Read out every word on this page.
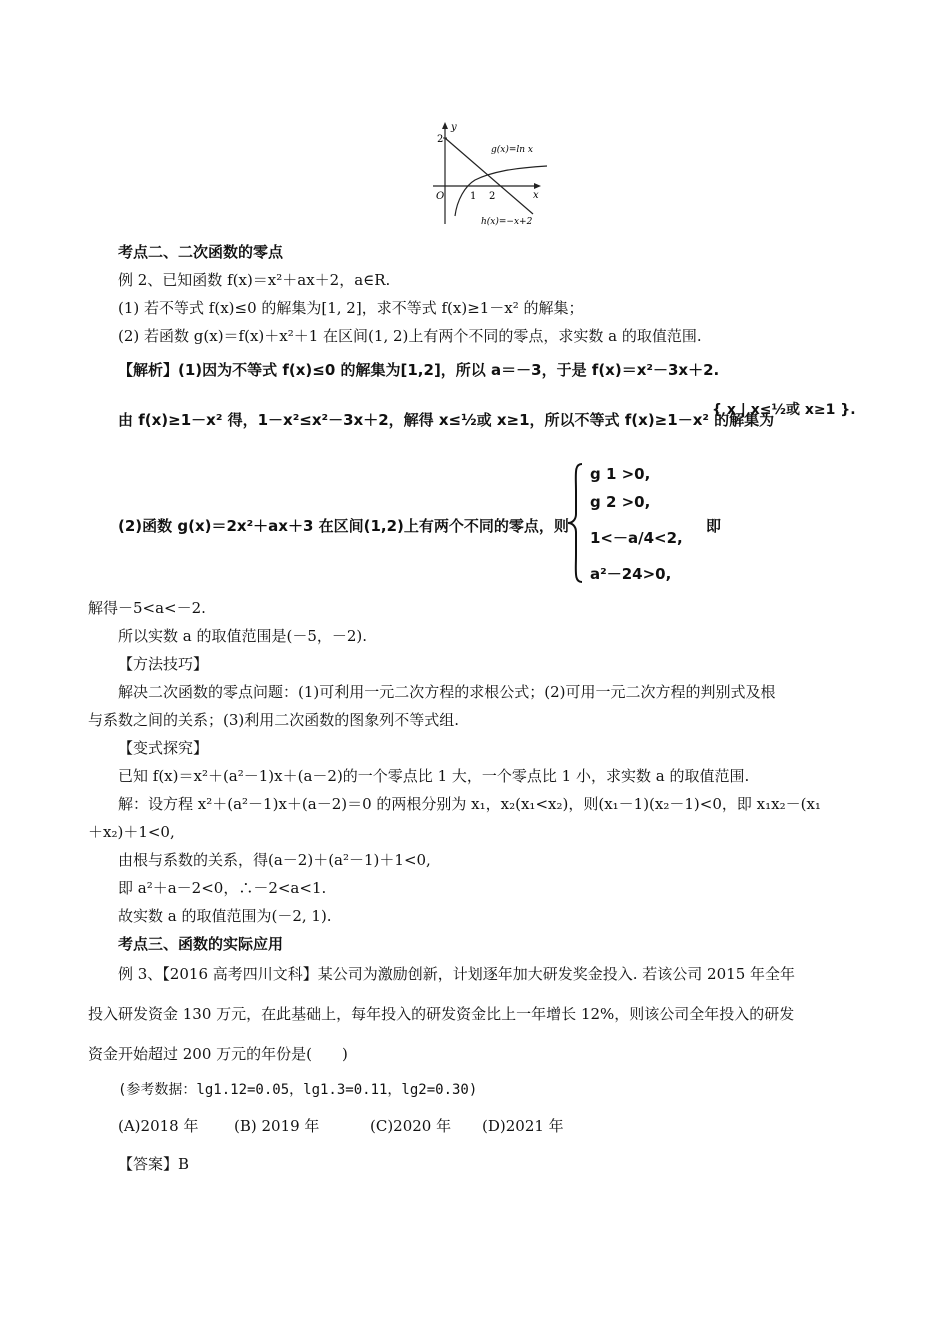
y
x
O
2
1 2
g(x)=ln x
h(x)=−x+2
考点二、二次函数的零点
例 2、已知函数 f(x)＝x²＋ax＋2，a∈R.
(1) 若不等式 f(x)≤0 的解集为[1, 2]，求不等式 f(x)≥1－x² 的解集；
(2) 若函数 g(x)＝f(x)＋x²＋1 在区间(1, 2)上有两个不同的零点，求实数 a 的取值范围.
【解析】(1)因为不等式 f(x)≤0 的解集为[1,2]，所以 a＝－3，于是 f(x)＝x²－3x＋2.
由 f(x)≥1－x² 得，1－x²≤x²－3x＋2，解得 x≤½或 x≥1，所以不等式 f(x)≥1－x² 的解集为
{ x | x≤½或 x≥1 }.
(2)函数 g(x)＝2x²＋ax＋3 在区间(1,2)上有两个不同的零点，则
g 1 >0,
g 2 >0,
1<－a/4<2,
a²－24>0,
即
解得－5<a<－2.
所以实数 a 的取值范围是(－5，－2).
【方法技巧】
解决二次函数的零点问题：(1)可利用一元二次方程的求根公式；(2)可用一元二次方程的判别式及根
与系数之间的关系；(3)利用二次函数的图象列不等式组.
【变式探究】
已知 f(x)＝x²＋(a²－1)x＋(a－2)的一个零点比 1 大，一个零点比 1 小，求实数 a 的取值范围.
解：设方程 x²＋(a²－1)x＋(a－2)＝0 的两根分别为 x₁，x₂(x₁<x₂)，则(x₁－1)(x₂－1)<0，即 x₁x₂－(x₁
＋x₂)＋1<0,
由根与系数的关系，得(a－2)＋(a²－1)＋1<0,
即 a²＋a－2<0，∴－2<a<1.
故实数 a 的取值范围为(－2, 1).
考点三、函数的实际应用
例 3、【2016 高考四川文科】某公司为激励创新，计划逐年加大研发奖金投入. 若该公司 2015 年全年
投入研发资金 130 万元，在此基础上，每年投入的研发资金比上一年增长 12%，则该公司全年投入的研发
资金开始超过 200 万元的年份是(　　)
(参考数据：lg1.12=0.05，lg1.3=0.11，lg2=0.30)
(A)2018 年 (B) 2019 年	(C)2020 年 (D)2021 年
【答案】B
